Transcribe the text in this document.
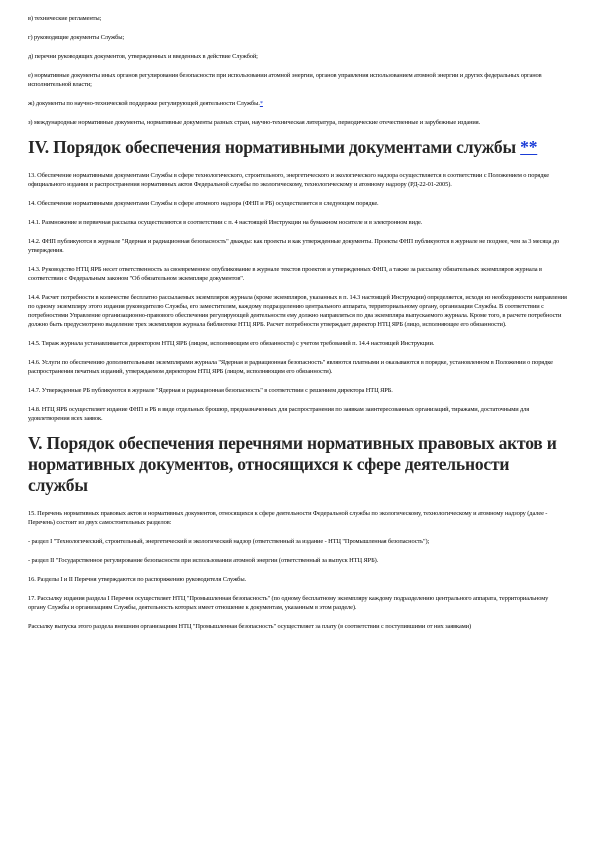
в) технические регламенты;

г) руководящие документы Службы;

д) перечни руководящих документов, утвержденных и введенных в действие Службой;

е) нормативные документы иных органов регулирования безопасности при использовании атомной энергии, органов управления использованием атомной энергии и других федеральных органов исполнительной власти;

ж) документы по научно-технической поддержке регулирующей деятельности Службы.*

з) международные нормативные документы, нормативные документы разных стран, научно-техническая литература, периодические отечественные и зарубежные издания.

IV. Порядок обеспечения нормативными документами службы **

13. Обеспечение нормативными документами Службы в сфере технологического, строительного, энергетического и экологического надзора осуществляется в соответствии с Положением о порядке официального издания и распространения нормативных актов Федеральной службы по экологическому, технологическому и атомному надзору (РД-22-01-2005).

14. Обеспечение нормативными документами Службы в сфере атомного надзора (ФНП и РБ) осуществляется в следующем порядке.

14.1. Размножение и первичная рассылка осуществляются в соответствии с п. 4 настоящей Инструкции на бумажном носителе и в электронном виде.

14.2. ФНП публикуются в журнале "Ядерная и радиационная безопасность" дважды: как проекты и как утвержденные документы. Проекты ФНП публикуются в журнале не позднее, чем за 3 месяца до утверждения.

14.3. Руководство НТЦ ЯРБ несет ответственность за своевременное опубликование в журнале текстов проектов и утвержденных ФНП, а также за рассылку обязательных экземпляров журнала в соответствии с Федеральным законом "Об обязательном экземпляре документов".

14.4. Расчет потребности в количестве бесплатно рассылаемых экземпляров журнала (кроме экземпляров, указанных в п. 14.3 настоящей Инструкции) определяется, исходя из необходимости направления по одному экземпляру этого издания руководителю Службы, его заместителям, каждому подразделению центрального аппарата, территориальному органу, организации Службы. В соответствии с потребностями Управление организационно-правового обеспечения регулирующей деятельности ему должно направляться по два экземпляра выпускаемого журнала. Кроме того, в расчете потребности должно быть предусмотрено выделение трех экземпляров журнала библиотеке НТЦ ЯРБ. Расчет потребности утверждает директор НТЦ ЯРБ (лицо, исполняющее его обязанности).

14.5. Тираж журнала устанавливается директором НТЦ ЯРБ (лицом, исполняющим его обязанности) с учетом требований п. 14.4 настоящей Инструкции.

14.6. Услуги по обеспечению дополнительными экземплярами журнала "Ядерная и радиационная безопасность" являются платными и оказываются в порядке, установленном в Положении о порядке распространения печатных изданий, утверждаемом директором НТЦ ЯРБ (лицом, исполняющим его обязанности).

14.7. Утвержденные РБ публикуются в журнале "Ядерная и радиационная безопасность" в соответствии с решением директора НТЦ ЯРБ.

14.8. НТЦ ЯРБ осуществляет издание ФНП и РБ в виде отдельных брошюр, предназначенных для распространения по заявкам заинтересованных организаций, тиражами, достаточными для удовлетворения всех заявок.

V. Порядок обеспечения перечнями нормативных правовых актов и нормативных документов, относящихся к сфере деятельности службы

15. Перечень нормативных правовых актов и нормативных документов, относящихся к сфере деятельности Федеральной службы по экологическому, технологическому и атомному надзору (далее - Перечень) состоит из двух самостоятельных разделов:

- раздел I "Технологический, строительный, энергетический и экологический надзор (ответственный за издание - НТЦ "Промышленная безопасность");

- раздел II "Государственное регулирование безопасности при использовании атомной энергии (ответственный за выпуск НТЦ ЯРБ).

16. Разделы I и II Перечня утверждаются по распоряжению руководителя Службы.

17. Рассылку издания раздела I Перечня осуществляет НТЦ "Промышленная безопасность" (по одному бесплатному экземпляру каждому подразделению центрального аппарата, территориальному органу Службы и организациям Службы, деятельность которых имеет отношение к документам, указанным в этом разделе).

Рассылку выпуска этого раздела внешним организациям НТЦ "Промышленная безопасность" осуществляет за плату (в соответствии с поступившими от них заявками)
